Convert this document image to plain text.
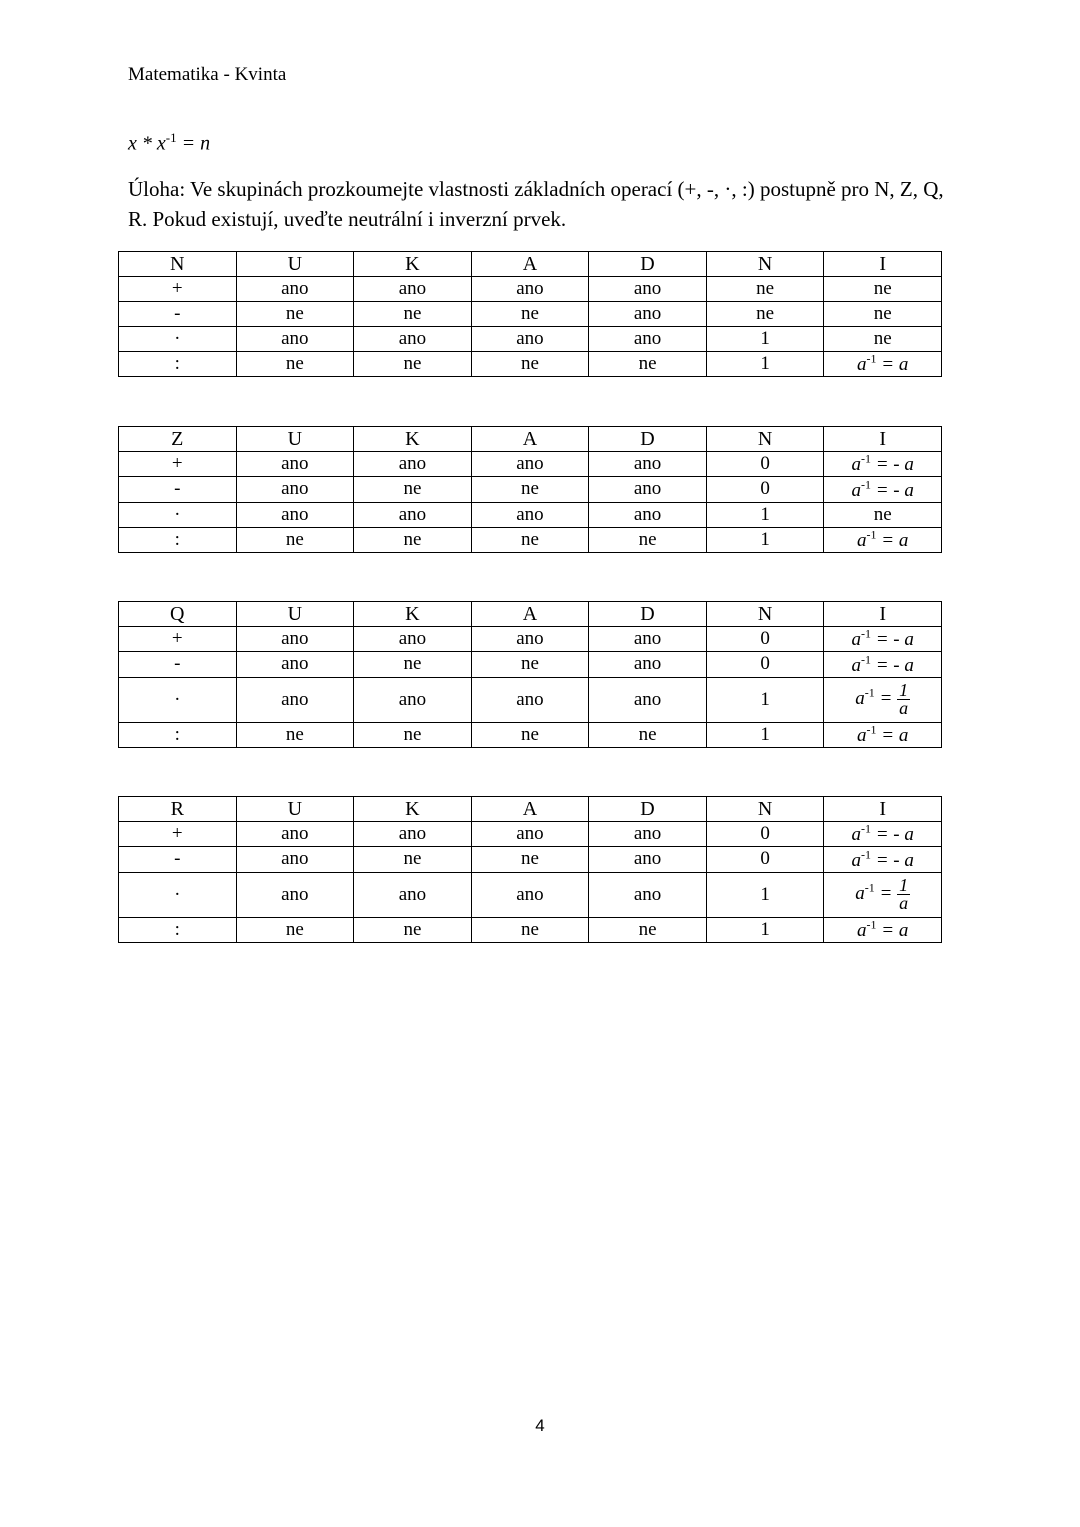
Matematika - Kvinta
$x * x^{-1} = n$
Úloha: Ve skupinách prozkoumejte vlastnosti základních operací (+, -, ·, :) postupně pro N, Z, Q, R. Pokud existují, uveďte neutrální i inverzní prvek.
N	U	K	A	D	N	I
+	ano	ano	ano	ano	ne	ne
-	ne	ne	ne	ano	ne	ne
·	ano	ano	ano	ano	1	ne
:	ne	ne	ne	ne	1	$a^{-1} = a$
Z	U	K	A	D	N	I
+	ano	ano	ano	ano	0	$a^{-1}$ = - a
-	ano	ne	ne	ano	0	$a^{-1}$ = - a
·	ano	ano	ano	ano	1	ne
:	ne	ne	ne	ne	1	$a^{-1} = a$
Q	U	K	A	D	N	I
+	ano	ano	ano	ano	0	$a^{-1}$ = - a
-	ano	ne	ne	ano	0	$a^{-1}$ = - a
·	ano	ano	ano	ano	1	$a^{-1} = \frac{1}{a}$

:	ne	ne	ne	ne	1	$a^{-1} = a$
R	U	K	A	D	N	I
+	ano	ano	ano	ano	0	$a^{-1}$ = - a
-	ano	ne	ne	ano	0	$a^{-1}$ = - a
·	ano	ano	ano	ano	1	$a^{-1} = \frac{1}{a}$

:	ne	ne	ne	ne	1	$a^{-1} = a$
4
